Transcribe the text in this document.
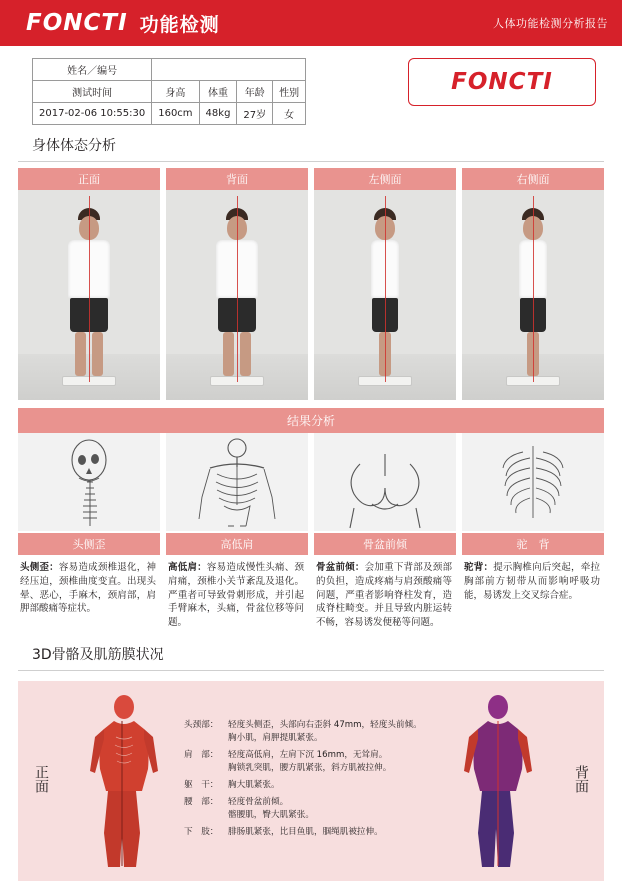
FONCTI 功能检测	人体功能检测分析报告
姓名／编号				
测试时间	身高	体重	年龄	性别
2017-02-06 10:55:30	160cm	48kg	27岁	女
FONCTI
身体体态分析
正面	背面	左侧面	右侧面
结果分析
头侧歪
头侧歪：容易造成颈椎退化，神经压迫，颈椎曲度变直。出现头晕、恶心，手麻木，颈肩部，肩胛部酸痛等症状。
高低肩
高低肩：容易造成慢性头痛、颈肩痛，颈椎小关节紊乱及退化。严重者可导致骨刺形成，并引起手臂麻木，头痛，骨盆位移等问题。
骨盆前倾
骨盆前倾：会加重下背部及颈部的负担，造成疼痛与肩颈酸痛等问题，严重者影响脊柱发育，造成脊柱畸变。并且导致内脏运转不畅，容易诱发便秘等问题。
驼　背
驼背：提示胸椎向后突起，牵拉胸部前方韧带从而影响呼吸功能，易诱发上交叉综合症。
3D骨骼及肌筋膜状况
正面
头颈部：	轻度头侧歪，头部向右歪斜 47mm，轻度头前倾。
胸小肌，肩胛提肌紧张。
肩　部：	轻度高低肩，左肩下沉 16mm，无耸肩。
胸锁乳突肌，腰方肌紧张，斜方肌被拉伸。
躯　干：	胸大肌紧张。
腰　部：	轻度骨盆前倾。
髂腰肌，臀大肌紧张。
下　肢：	腓肠肌紧张，比目鱼肌，腘绳肌被拉伸。
背面
